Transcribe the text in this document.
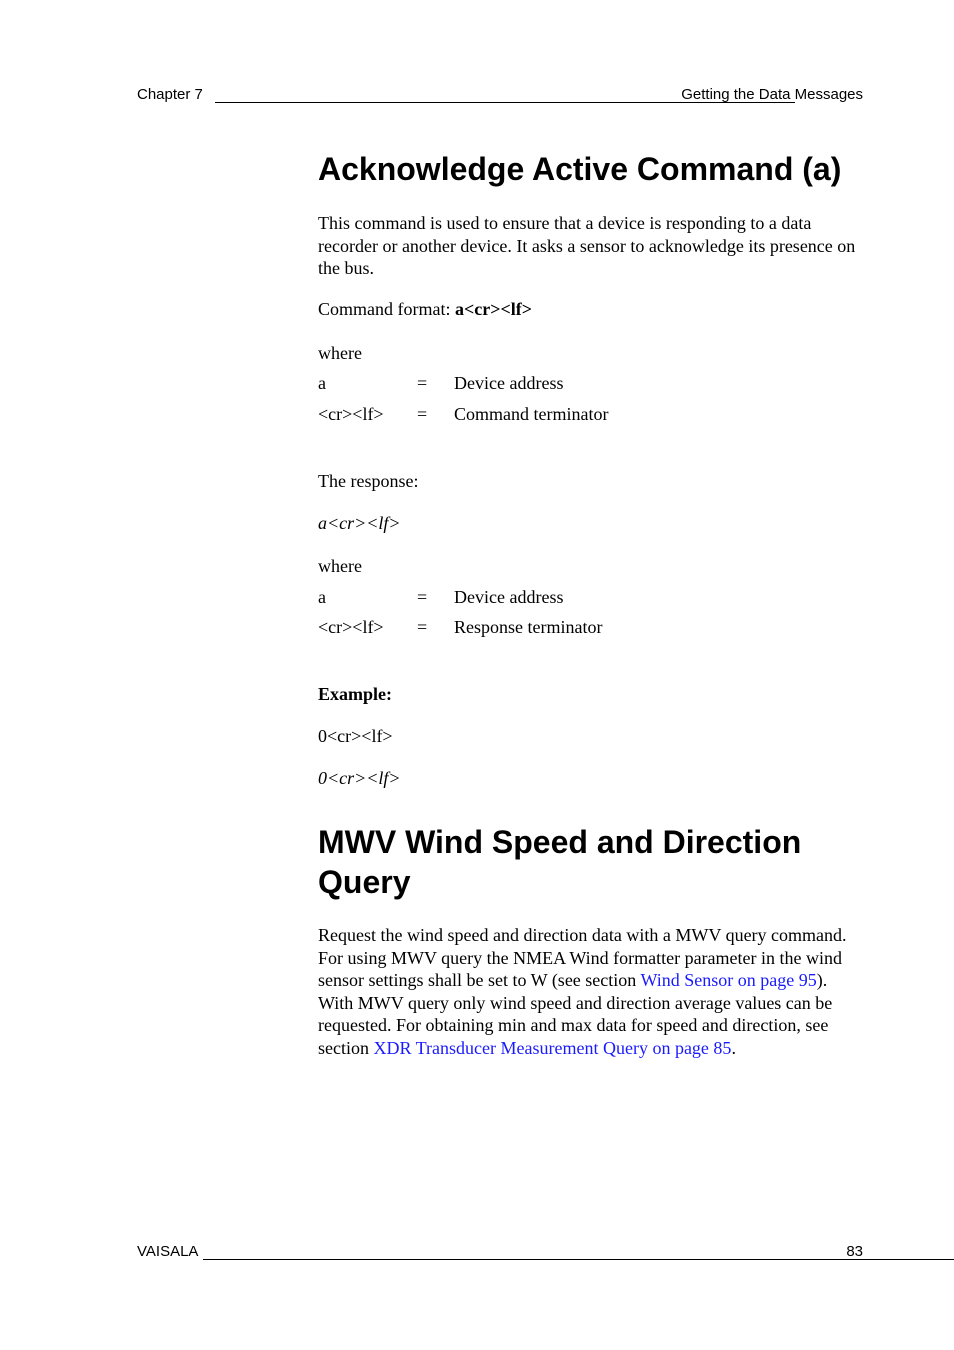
Chapter 7	Getting the Data Messages
Acknowledge Active Command (a)

This command is used to ensure that a device is responding to a data recorder or another device. It asks a sensor to acknowledge its presence on the bus.

Command format: a<cr><lf>

where

a	= Device address
<cr><lf> = Command terminator

The response:

a<cr><lf>

where

a	= Device address
<cr><lf> = Response terminator

Example:

0<cr><lf>

0<cr><lf>

MWV Wind Speed and Direction
Query

Request the wind speed and direction data with a MWV query command. For using MWV query the NMEA Wind formatter parameter in the wind sensor settings shall be set to W (see section Wind Sensor on page 95). With MWV query only wind speed and direction average values can be requested. For obtaining min and max data for speed and direction, see section XDR Transducer Measurement Query on page 85.

VAISALA	83
